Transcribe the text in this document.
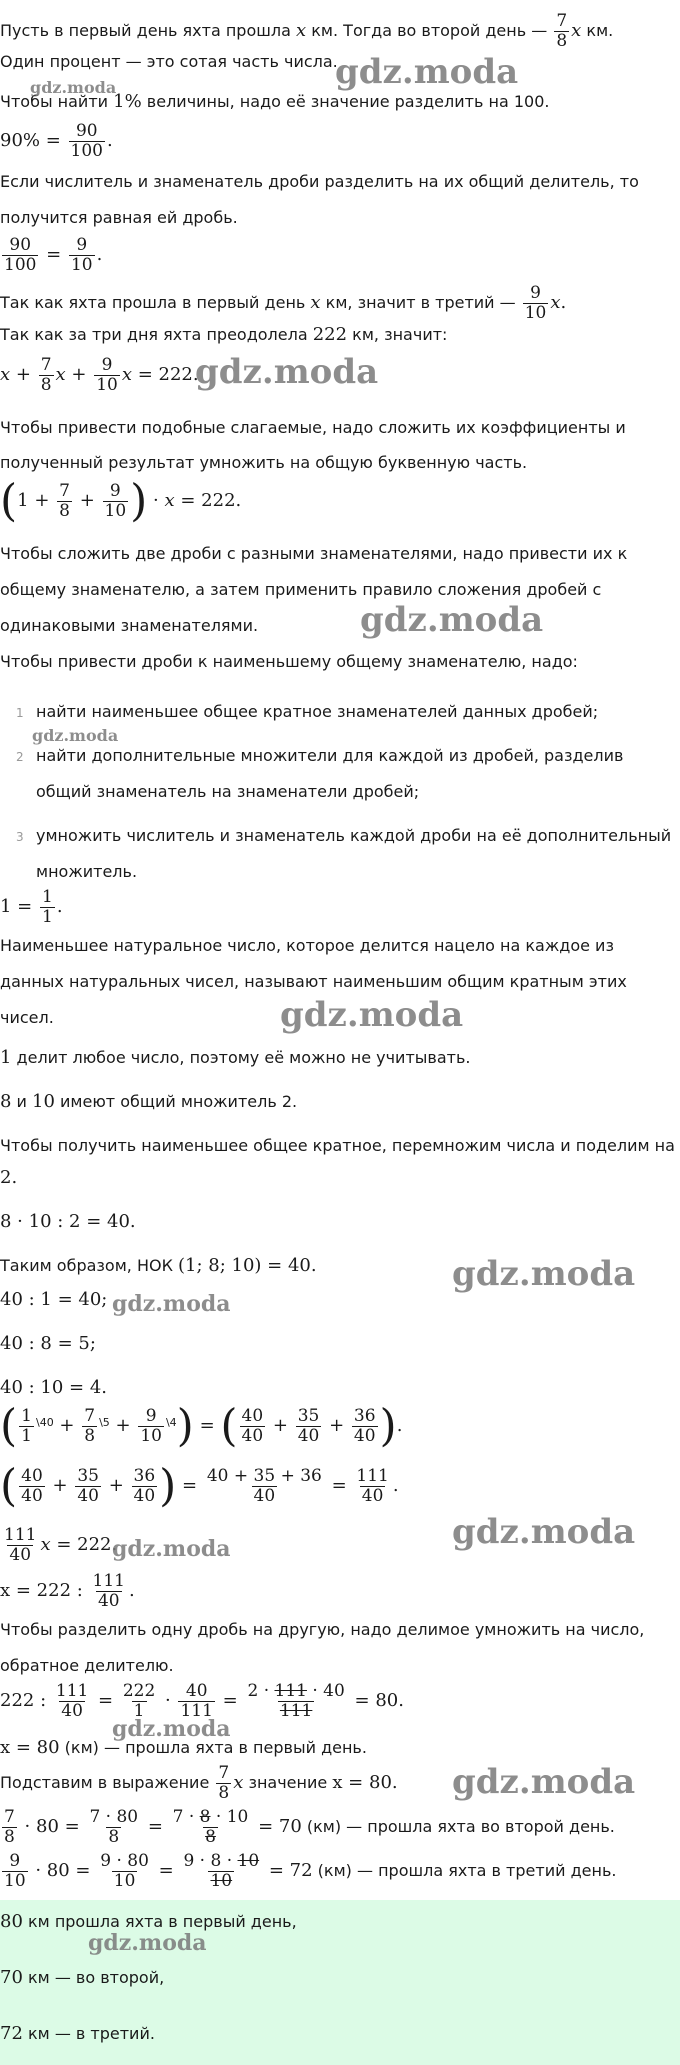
Пусть в первый день яхта прошла x км. Тогда во второй день — $\frac{7}{8}$ x км.
Один процент — это сотая часть числа.
Чтобы найти 1% величины, надо её значение разделить на 100.
$90\% = \frac{90}{100}$ .
Если числитель и знаменатель дроби разделить на их общий делитель, то
получится равная ей дробь.
$\frac{90}{100} = \frac{9}{10}$ .
Так как яхта прошла в первый день x км, значит в третий — $\frac{9}{10} x$.
Так как за три дня яхта преодолела 222 км, значит:
$x + \frac{7}{8}$ $x + \frac{9}{10}$ x = 222.
Чтобы привести подобные слагаемые, надо сложить их коэффициенты и
полученный результат умножить на общую буквенную часть.
($1 + \frac{7}{8} + \frac{9}{10}$ ) · x = 222.
Чтобы сложить две дроби с разными знаменателями, надо привести их к
общему знаменателю, а затем применить правило сложения дробей с
одинаковыми знаменателями.
Чтобы привести дроби к наименьшему общему знаменателю, надо:
1 найти наименьшее общее кратное знаменателей данных дробей;
2 найти дополнительные множители для каждой из дробей, разделив
общий знаменатель на знаменатели дробей;
3 умножить числитель и знаменатель каждой дроби на её дополнительный
множитель.
$1 = \frac{1}{1}$ .
Наименьшее натуральное число, которое делится нацело на каждое из
данных натуральных чисел, называют наименьшим общим кратным этих
чисел.
1 делит любое число, поэтому её можно не учитывать.
8 и 10 имеют общий множитель 2.
Чтобы получить наименьшее общее кратное, перемножим числа и поделим на
2.
8 · 10 : 2 = 40.
Таким образом, НОК (1; 8; 10) = 40.
40 : 1 = 40;
40 : 8 = 5;
40 : 10 = 4.
( $\frac{1}{1} ^{\backslash 40} + \frac{7}{8} ^{\backslash 5} + \frac{9}{10} ^{\backslash 4}$) = ( $\frac{40}{40} + \frac{35}{40} + \frac{36}{40}$ ).
( $\frac{40}{40} + \frac{35}{40} + \frac{36}{40}$ ) = $\frac{40 + 35 + 36}{40} = \frac{111}{40}$ .
$\frac{111}{40}$ x = 222.
x = 222 : $\frac{111}{40}$ .
Чтобы разделить одну дробь на другую, надо делимое умножить на число,
обратное делителю.
222 : $\frac{111}{40} = \frac{222}{1} \cdot \frac{40}{111} = \frac{2 \cdot 111 \cdot 40}{111} = 80$.
x = 80 (км) — прошла яхта в первый день.
Подставим в выражение $\frac{7}{8}$ x значение x = 80.
$\frac{7}{8} \cdot 80 = \frac{7 \cdot 80}{8} = \frac{7 \cdot 8 \cdot 10}{8} = 70$ (км) — прошла яхта во второй день.
$\frac{9}{10} \cdot 80 = \frac{9 \cdot 80}{10} = \frac{9 \cdot 8 \cdot 10}{10} = 72$ (км) — прошла яхта в третий день.
80 км прошла яхта в первый день,
70 км — во второй,
72 км — в третий.
gdz.moda
gdz.moda
gdz.moda
gdz.moda
gdz.moda
gdz.moda
gdz.moda
gdz.moda
gdz.moda
gdz.moda
gdz.moda
gdz.moda
gdz.moda
